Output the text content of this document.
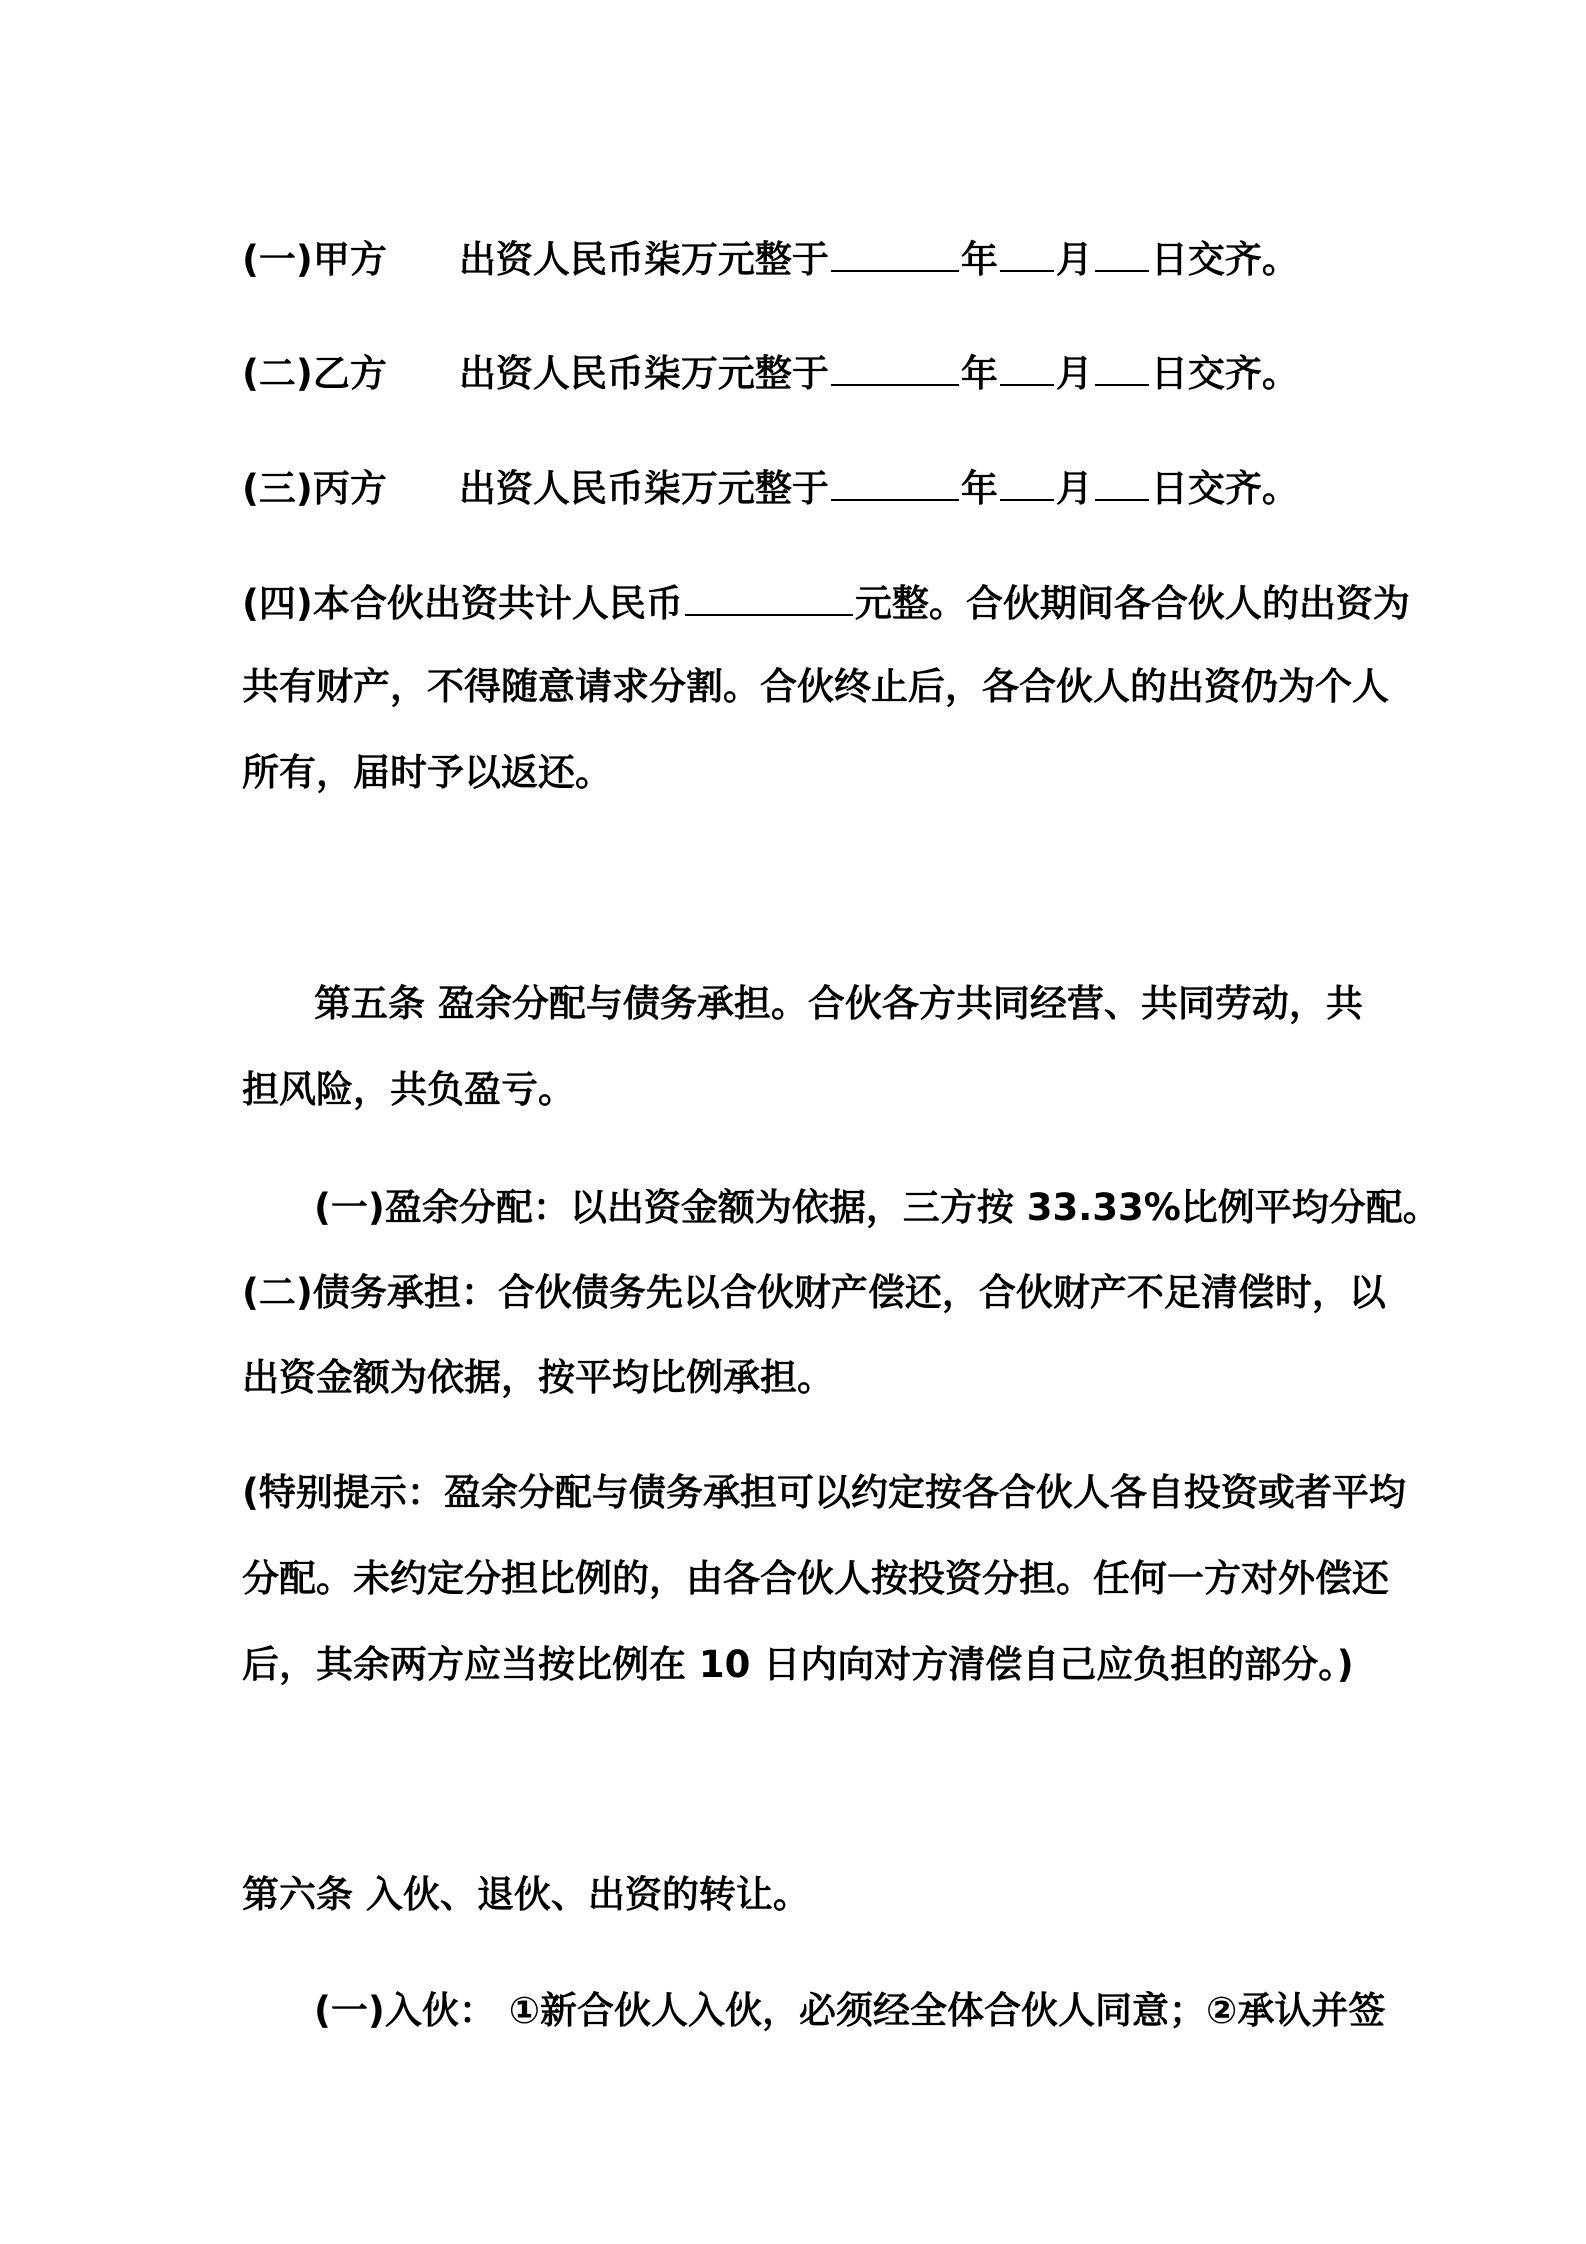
(一)甲方 出资人民币柒万元整于	年 月 日交齐。
(二)乙方 出资人民币柒万元整于	年 月 日交齐。
(三)丙方 出资人民币柒万元整于	年 月 日交齐。
(四)本合伙出资共计人民币	元整。合伙期间各合伙人的出资为
共有财产，不得随意请求分割。合伙终止后，各合伙人的出资仍为个人
所有，届时予以返还。
第五条 盈余分配与债务承担。合伙各方共同经营、共同劳动，共
担风险，共负盈亏。
(一)盈余分配：以出资金额为依据，三方按 33.33%比例平均分配。
(二)债务承担：合伙债务先以合伙财产偿还，合伙财产不足清偿时，以
出资金额为依据，按平均比例承担。
(特别提示：盈余分配与债务承担可以约定按各合伙人各自投资或者平均
分配。未约定分担比例的，由各合伙人按投资分担。任何一方对外偿还
后，其余两方应当按比例在 10 日内向对方清偿自己应负担的部分。)
第六条 入伙、退伙、出资的转让。
(一)入伙： ①新合伙人入伙，必须经全体合伙人同意；②承认并签
